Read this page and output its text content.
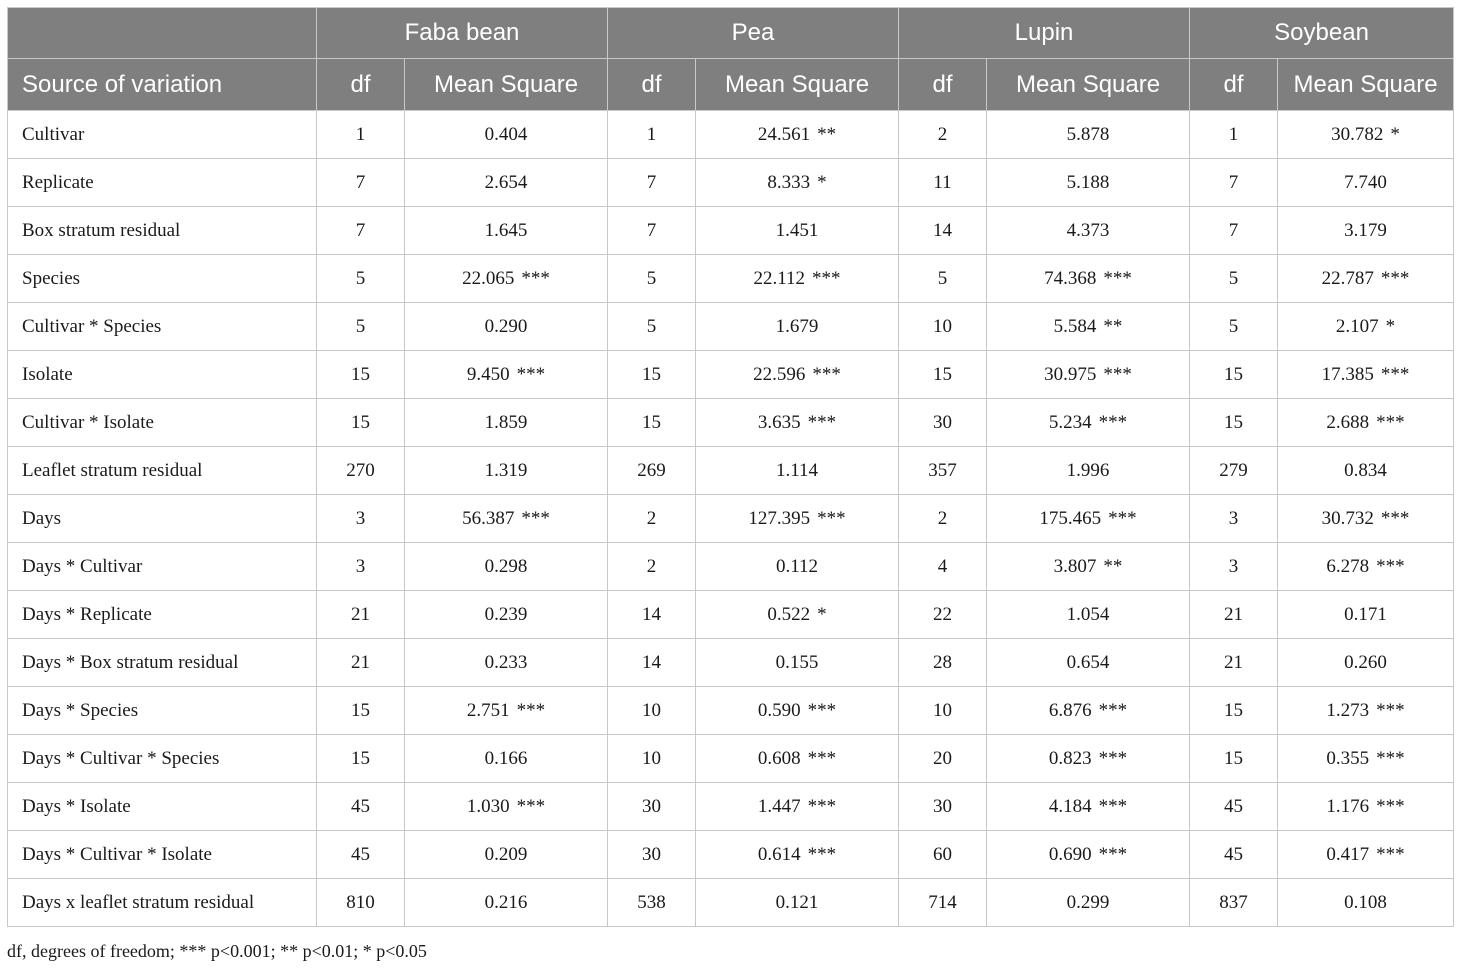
	Faba bean		Pea		Lupin		Soybean	
Source of variation	df	Mean Square	df	Mean Square	df	Mean Square	df	Mean Square
Cultivar	1	0.404	1	24.561 **	2	5.878	1	30.782 *
Replicate	7	2.654	7	8.333 *	11	5.188	7	7.740
Box stratum residual	7	1.645	7	1.451	14	4.373	7	3.179
Species	5	22.065 ***	5	22.112 ***	5	74.368 ***	5	22.787 ***
Cultivar * Species	5	0.290	5	1.679	10	5.584 **	5	2.107 *
Isolate	15	9.450 ***	15	22.596 ***	15	30.975 ***	15	17.385 ***
Cultivar * Isolate	15	1.859	15	3.635 ***	30	5.234 ***	15	2.688 ***
Leaflet stratum residual	270	1.319	269	1.114	357	1.996	279	0.834
Days	3	56.387 ***	2	127.395 ***	2	175.465 ***	3	30.732 ***
Days * Cultivar	3	0.298	2	0.112	4	3.807 **	3	6.278 ***
Days * Replicate	21	0.239	14	0.522 *	22	1.054	21	0.171
Days * Box stratum residual	21	0.233	14	0.155	28	0.654	21	0.260
Days * Species	15	2.751 ***	10	0.590 ***	10	6.876 ***	15	1.273 ***
Days * Cultivar * Species	15	0.166	10	0.608 ***	20	0.823 ***	15	0.355 ***
Days * Isolate	45	1.030 ***	30	1.447 ***	30	4.184 ***	45	1.176 ***
Days * Cultivar * Isolate	45	0.209	30	0.614 ***	60	0.690 ***	45	0.417 ***
Days x leaflet stratum residual	810	0.216	538	0.121	714	0.299	837	0.108
df, degrees of freedom; *** p<0.001; ** p<0.01; * p<0.05
